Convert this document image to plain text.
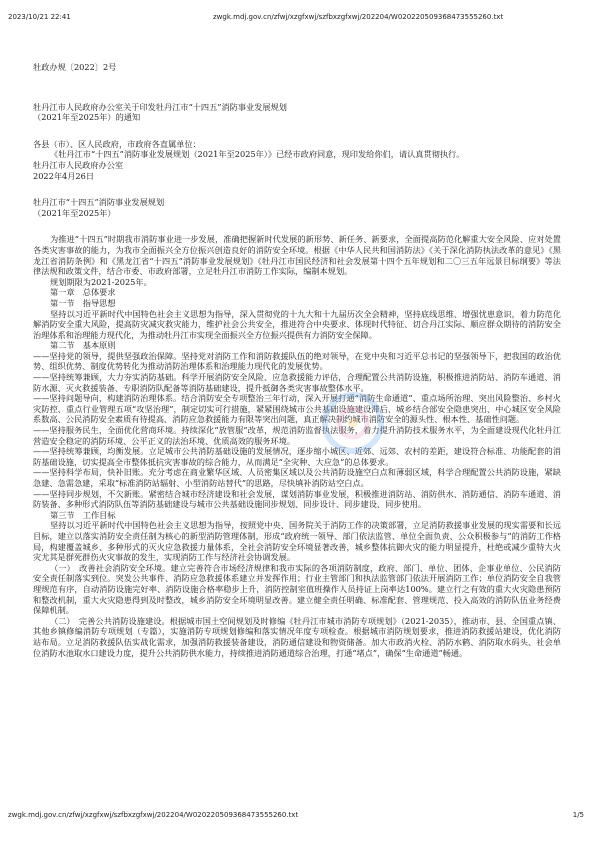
2023/10/21 22:41	zwgk.mdj.gov.cn/zfwj/xzgfxwj/szfbxzgfxwj/202204/W020220509368473555260.txt

牡政办规〔2022〕2号

牡丹江市人民政府办公室关于印发牡丹江市“十四五”消防事业发展规划

（2021年至2025年）的通知

各县（市）、区人民政府，市政府各直属单位：

《牡丹江市“十四五”消防事业发展规划（2021年至2025年）》已经市政府同意，现印发给你们，请认真贯彻执行。

牡丹江市人民政府办公室

2022年4月26日

牡丹江市“十四五”消防事业发展规划

（2021年至2025年）

为推进“十四五”时期我市消防事业进一步发展，准确把握新时代发展的新形势、新任务、新要求，全面提高防范化解重大安全风险、应对处置各类灾害事故的能力，为我市全面振兴全方位振兴创造良好的消防安全环境。根据《中华人民共和国消防法》《关于深化消防执法改革的意见》《黑龙江省消防条例》和《黑龙江省“十四五”消防事业发展规划》《牡丹江市国民经济和社会发展第十四个五年规划和二〇三五年远景目标纲要》等法律法规和政策文件，结合市委、市政府部署，立足牡丹江市消防工作实际，编制本规划。

规划期限为2021-2025年。

第一章　总体要求

第一节　指导思想

坚持以习近平新时代中国特色社会主义思想为指导，深入贯彻党的十九大和十九届历次全会精神，坚持底线思维、增强忧患意识，着力防范化解消防安全重大风险，提高防灾减灾救灾能力，维护社会公共安全，推进符合中央要求、体现时代特征、切合丹江实际、顺应群众期待的消防安全治理体系和治理能力现代化，为推动牡丹江市实现全面振兴全方位振兴提供有力消防安全保障。

第二节　基本原则

——坚持党的领导，提供坚强政治保障。坚持党对消防工作和消防救援队伍的绝对领导，在党中央和习近平总书记的坚强领导下，把我国的政治优势、组织优势、制度优势转化为推动消防治理体系和治理能力现代化的发展优势。

——坚持统筹兼顾，大力夯实消防基础。科学开展消防安全风险、应急救援能力评估，合理配置公共消防设施，积极推进消防站、消防车通道、消防水源、灭火救援装备、专职消防队配备等消防基础建设，提升抵御各类灾害事故整体水平。

——坚持问题导向，构建消防治理体系。结合消防安全专项整治三年行动，深入开展打通“消防生命通道”、重点场所治理、突出风险整治、乡村火灾防控、重点行业管理五项“攻坚治理”，制定切实可行措施，紧紧围绕城市公共基础设施建设滞后、城乡结合部安全隐患突出、中心城区安全风险系数高、公民消防安全素质有待提高、消防应急救援能力有限等突出问题，真正解决制约城市消防安全的源头性、根本性、基础性问题。

——坚持服务民生，全面优化营商环境。持续深化“放管服”改革，规范消防监督执法服务，着力提升消防技术服务水平，为全面建设现代化牡丹江营造安全稳定的消防环境、公平正义的法治环境、优质高效的服务环境。

——坚持统筹兼顾，均衡发展。立足城市公共消防基础设施的发展情况，逐步缩小城区、近郊、远郊、农村的差距，建设符合标准、功能配套的消防基础设施，切实提高全市整体抵抗灾害事故的综合能力，从而满足“全灾种、大应急”的总体要求。

——坚持科学布局，快补旧账。充分考虑在商业繁华区域、人员密集区域以及公共消防设施空白点和薄弱区域，科学合理配置公共消防设施，紧缺急建、急需急建，采取“标准消防站辐射、小型消防站替代”的思路，尽快填补消防站空白点。

——坚持同步规划，不欠新账。紧密结合城市经济建设和社会发展，谋划消防事业发展，积极推进消防站、消防供水、消防通信、消防车通道、消防装备、多种形式消防队伍等消防基础建设与城市公共基础设施同步规划、同步设计、同步建设、同步使用。

第三节　工作目标

坚持以习近平新时代中国特色社会主义思想为指导，按照党中央、国务院关于消防工作的决策部署，立足消防救援事业发展的现实需要和长远目标，建立以落实消防安全责任制为核心的新型消防管理体制，形成“政府统一领导、部门依法监管、单位全面负责、公众积极参与”的消防工作格局，构建覆盖城乡、多种形式的灭火应急救援力量体系，全社会消防安全环境显著改善，城乡整体抗御火灾的能力明显提升，杜绝或减少重特大火灾尤其是群死群伤火灾事故的发生，实现消防工作与经济社会协调发展。

（一）　改善社会消防安全环境。建立完善符合市场经济规律和我市实际的各项消防制度，政府、部门、单位、团体、企事业单位、公民消防安全责任制落实到位。突发公共事件、消防应急救援体系建立并发挥作用；行业主管部门和执法监管部门依法开展消防工作；单位消防安全自我管理规范有序，自动消防设施完好率、消防设施合格率稳步上升，消防控制室值班操作人员持证上岗率达100%。建立行之有效的重大火灾隐患预防和整改机制，重大火灾隐患得到及时整改，城乡消防安全环境明显改善。建立健全责任明确、标准配套、管理规范、投入高效的消防队伍业务经费保障机制。

（二）　完善公共消防设施建设。根据城市国土空间规划及时修编《牡丹江市城市消防专项规划》（2021-2035），推动市、县、全国重点镇、其他乡镇修编消防专项规划（专篇），实施消防专项规划修编和落实情况年度专项检查。根据城市消防规划要求，推进消防救援站建设，优化消防站布局。立足消防救援队伍实战化需求，加强消防救援装备建设，消防通信建设和物资储备。加大市政消火栓、消防水鹤、消防取水码头、社会单位消防水池取水口建设力度，提升公共消防供水能力，持续推进消防通道综合治理，打通“堵点”，确保“生命通道”畅通。

zwgk.mdj.gov.cn/zfwj/xzgfxwj/szfbxzgfxwj/202204/W020220509368473555260.txt	1/5
